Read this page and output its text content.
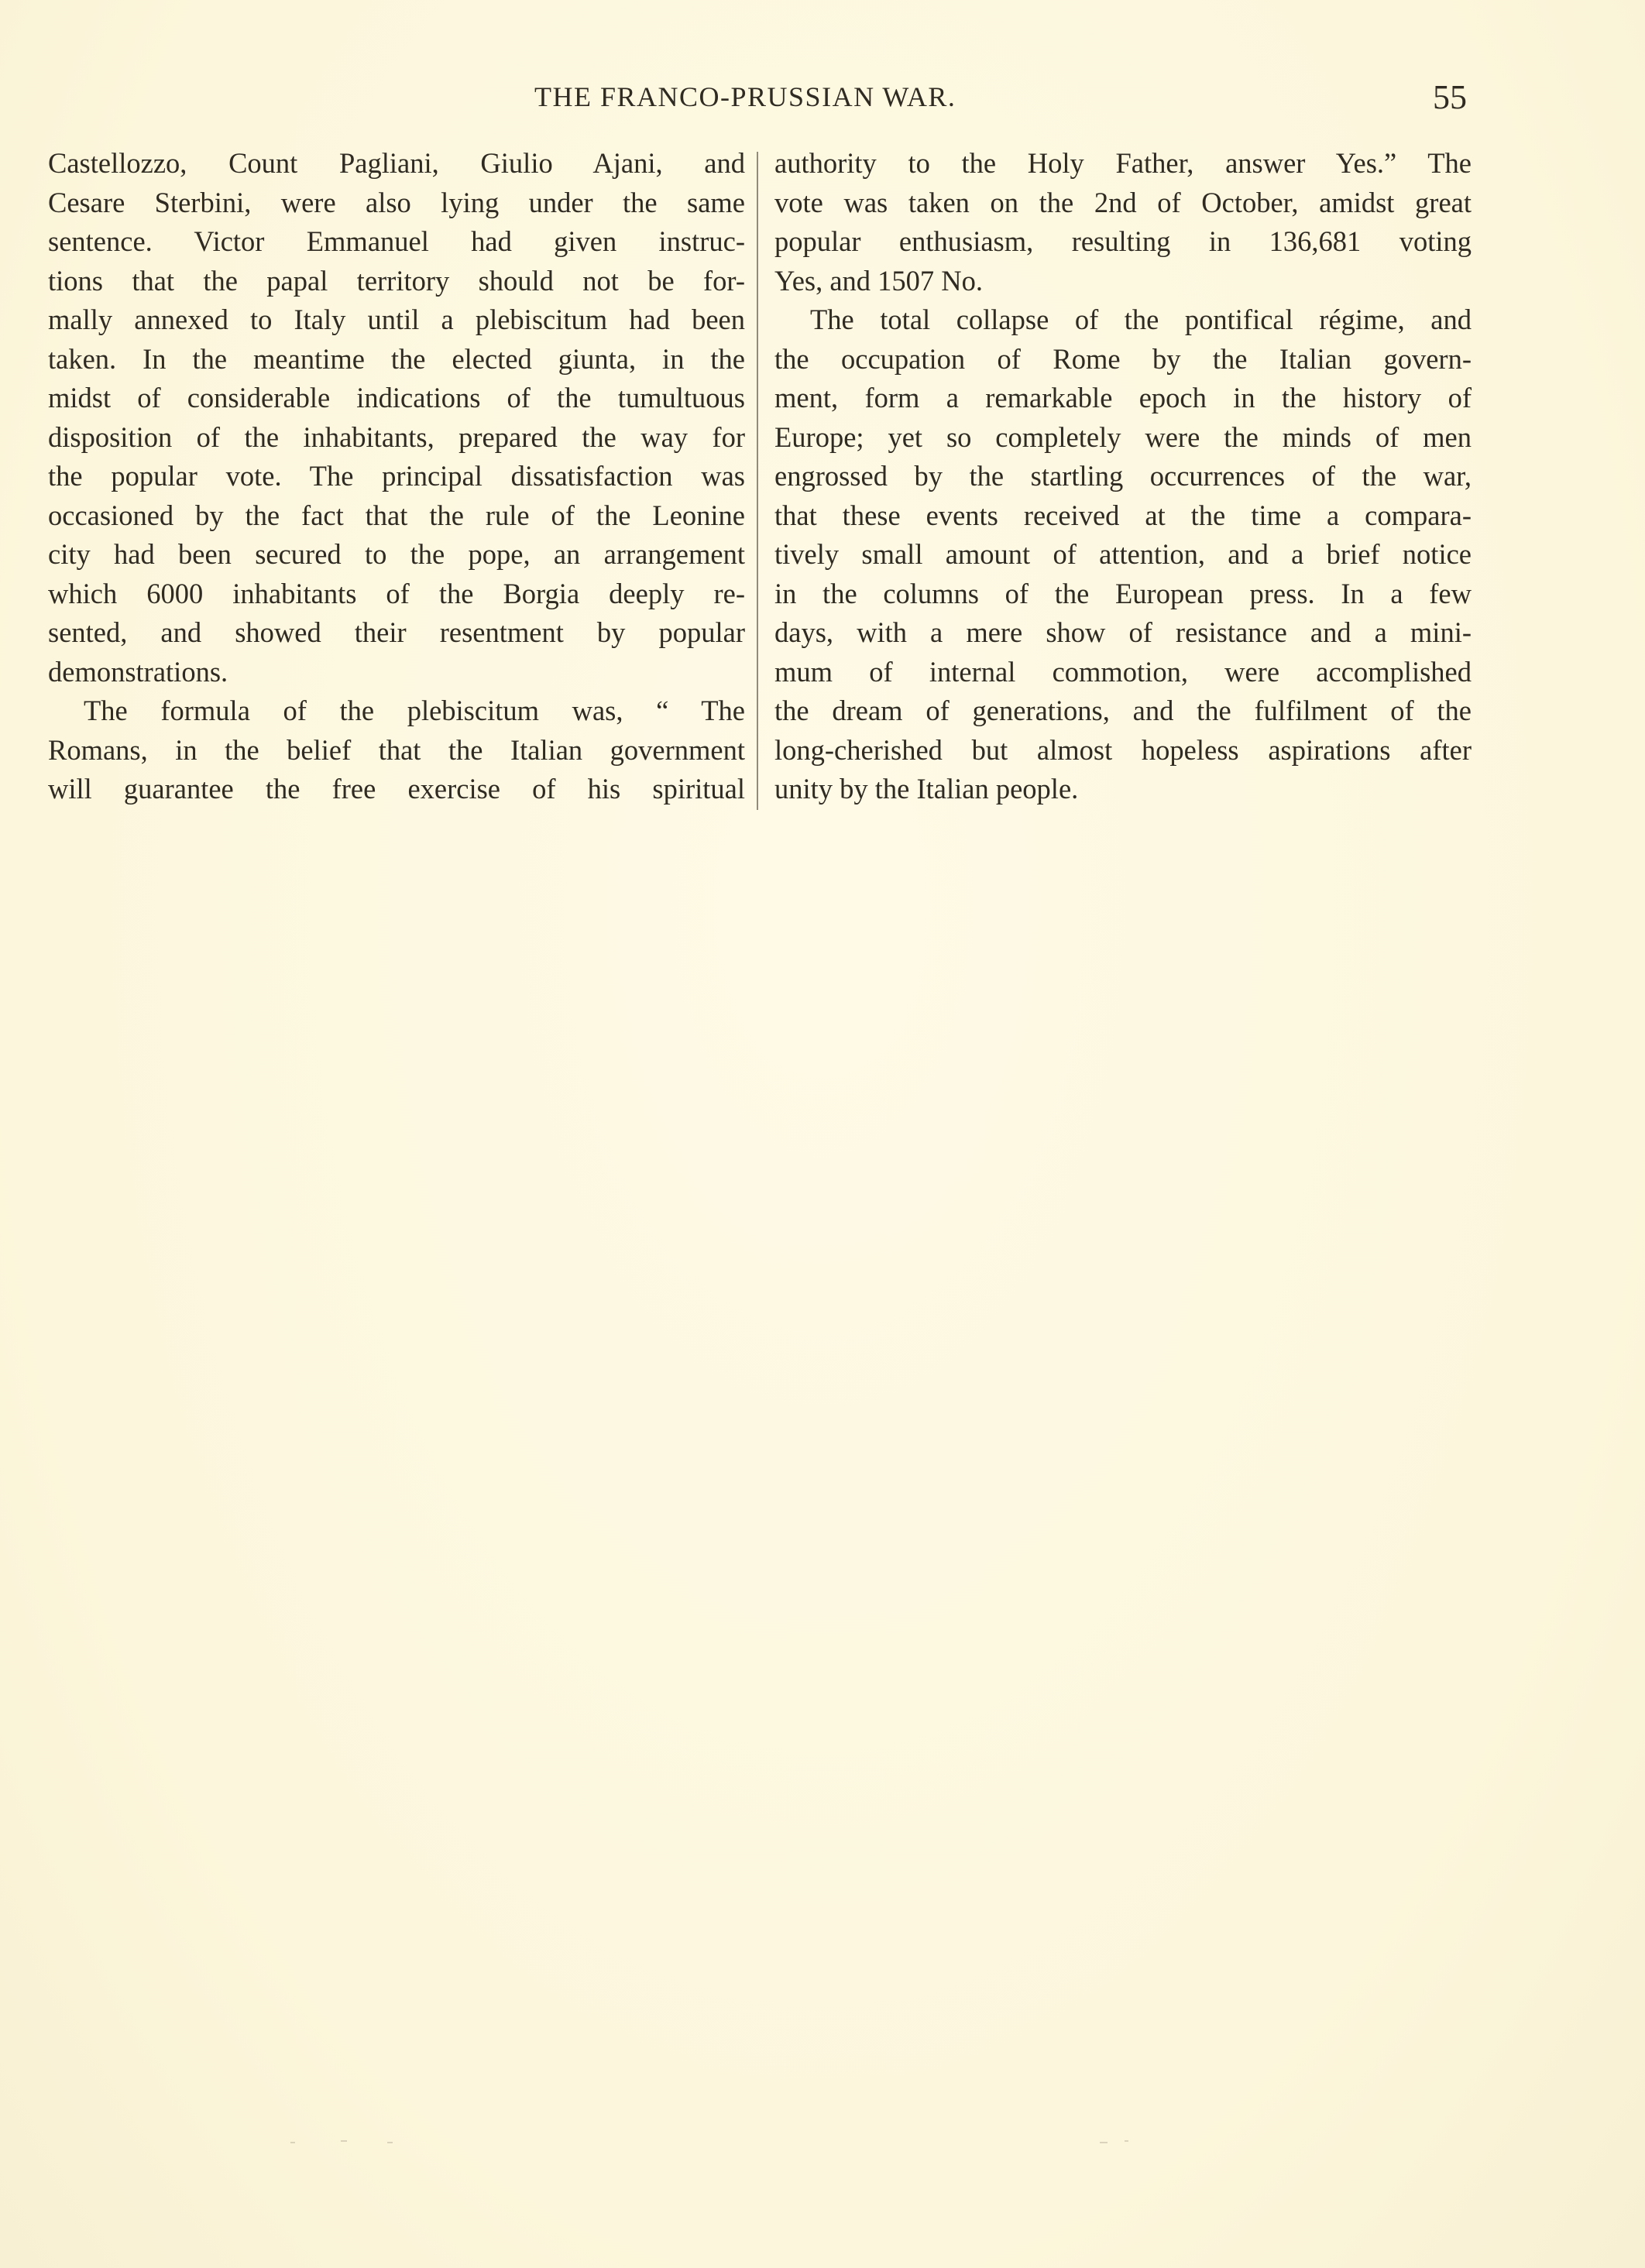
THE FRANCO-PRUSSIAN WAR.	55
Castellozzo, Count Pagliani, Giulio Ajani, and
Cesare Sterbini, were also lying under the same
sentence. Victor Emmanuel had given instruc-
tions that the papal territory should not be for-
mally annexed to Italy until a plebiscitum had been
taken. In the meantime the elected giunta, in the
midst of considerable indications of the tumultuous
disposition of the inhabitants, prepared the way for
the popular vote. The principal dissatisfaction was
occasioned by the fact that the rule of the Leonine
city had been secured to the pope, an arrangement
which 6000 inhabitants of the Borgia deeply re-
sented, and showed their resentment by popular
demonstrations.
The formula of the plebiscitum was, “ The
Romans, in the belief that the Italian government
will guarantee the free exercise of his spiritual
authority to the Holy Father, answer Yes.” The
vote was taken on the 2nd of October, amidst great
popular enthusiasm, resulting in 136,681 voting
Yes, and 1507 No.
The total collapse of the pontifical régime, and
the occupation of Rome by the Italian govern-
ment, form a remarkable epoch in the history of
Europe; yet so completely were the minds of men
engrossed by the startling occurrences of the war,
that these events received at the time a compara-
tively small amount of attention, and a brief notice
in the columns of the European press. In a few
days, with a mere show of resistance and a mini-
mum of internal commotion, were accomplished
the dream of generations, and the fulfilment of the
long-cherished but almost hopeless aspirations after
unity by the Italian people.
